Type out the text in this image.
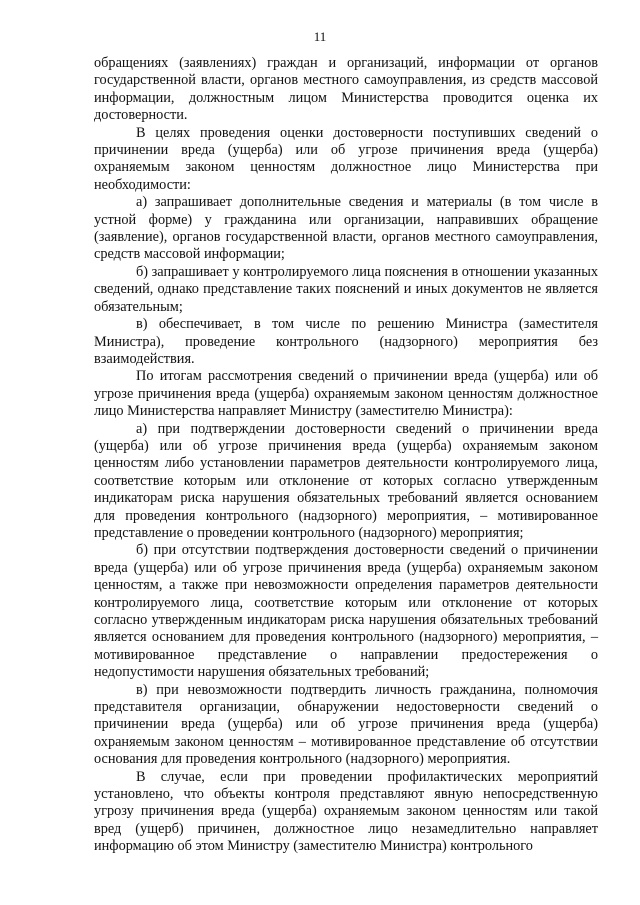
11

обращениях (заявлениях) граждан и организаций, информации от органов государственной власти, органов местного самоуправления, из средств массовой информации, должностным лицом Министерства проводится оценка их достоверности.

В целях проведения оценки достоверности поступивших сведений о причинении вреда (ущерба) или об угрозе причинения вреда (ущерба) охраняемым законом ценностям должностное лицо Министерства при необходимости:

а) запрашивает дополнительные сведения и материалы (в том числе в устной форме) у гражданина или организации, направивших обращение (заявление), органов государственной власти, органов местного самоуправления, средств массовой информации;

б) запрашивает у контролируемого лица пояснения в отношении указанных сведений, однако представление таких пояснений и иных документов не является обязательным;

в) обеспечивает, в том числе по решению Министра (заместителя Министра), проведение контрольного (надзорного) мероприятия без взаимодействия.

По итогам рассмотрения сведений о причинении вреда (ущерба) или об угрозе причинения вреда (ущерба) охраняемым законом ценностям должностное лицо Министерства направляет Министру (заместителю Министра):

а) при подтверждении достоверности сведений о причинении вреда (ущерба) или об угрозе причинения вреда (ущерба) охраняемым законом ценностям либо установлении параметров деятельности контролируемого лица, соответствие которым или отклонение от которых согласно утвержденным индикаторам риска нарушения обязательных требований является основанием для проведения контрольного (надзорного) мероприятия, – мотивированное представление о проведении контрольного (надзорного) мероприятия;

б) при отсутствии подтверждения достоверности сведений о причинении вреда (ущерба) или об угрозе причинения вреда (ущерба) охраняемым законом ценностям, а также при невозможности определения параметров деятельности контролируемого лица, соответствие которым или отклонение от которых согласно утвержденным индикаторам риска нарушения обязательных требований является основанием для проведения контрольного (надзорного) мероприятия, – мотивированное представление о направлении предостережения о недопустимости нарушения обязательных требований;

в) при невозможности подтвердить личность гражданина, полномочия представителя организации, обнаружении недостоверности сведений о причинении вреда (ущерба) или об угрозе причинения вреда (ущерба) охраняемым законом ценностям – мотивированное представление об отсутствии основания для проведения контрольного (надзорного) мероприятия.

В случае, если при проведении профилактических мероприятий установлено, что объекты контроля представляют явную непосредственную угрозу причинения вреда (ущерба) охраняемым законом ценностям или такой вред (ущерб) причинен, должностное лицо незамедлительно направляет информацию об этом Министру (заместителю Министра) контрольного
